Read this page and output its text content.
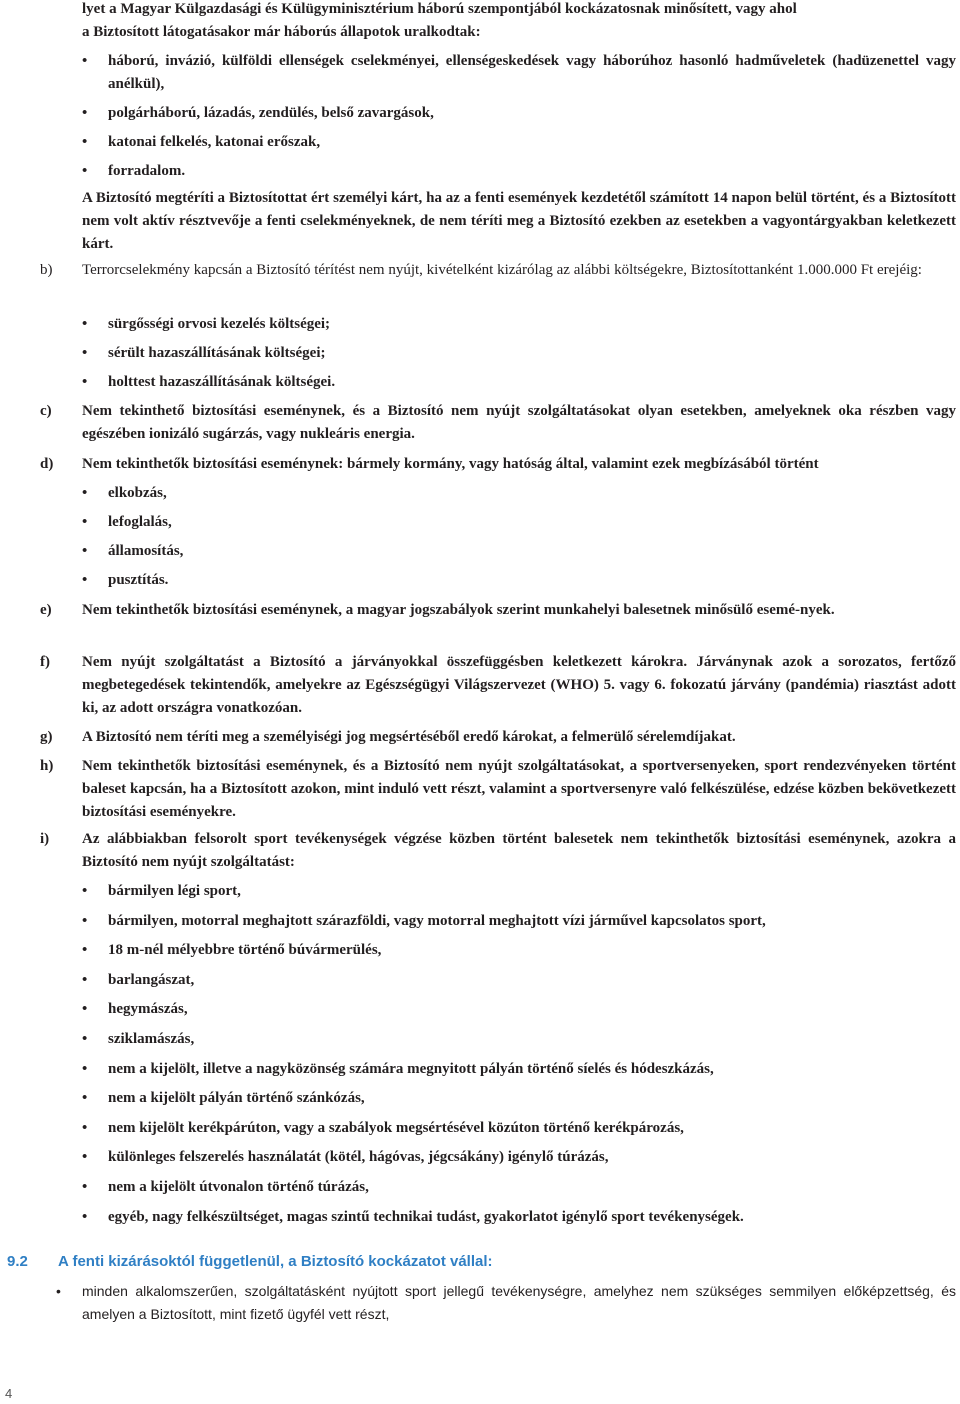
lyet a Magyar Külgazdasági és Külügyminisztérium háború szempontjából kockázatosnak minősített, vagy ahol
a Biztosított látogatásakor már háborús állapotok uralkodtak:
• háború, invázió, külföldi ellenségek cselekményei, ellenségeskedések vagy háborúhoz hasonló hadműveletek (hadüzenettel vagy anélkül),
• polgárháború, lázadás, zendülés, belső zavargások,
• katonai felkelés, katonai erőszak,
• forradalom.
A Biztosító megtéríti a Biztosítottat ért személyi kárt, ha az a fenti események kezdetétől számított 14 napon belül történt, és a Biztosított nem volt aktív résztvevője a fenti cselekményeknek, de nem téríti meg a Biztosító ezekben az esetekben a vagyontárgyakban keletkezett kárt.
b) Terrorcselekmény kapcsán a Biztosító térítést nem nyújt, kivételként kizárólag az alábbi költségekre, Biztosítottanként 1.000.000 Ft erejéig:
• sürgősségi orvosi kezelés költségei;
• sérült hazaszállításának költségei;
• holttest hazaszállításának költségei.
c) Nem tekinthető biztosítási eseménynek, és a Biztosító nem nyújt szolgáltatásokat olyan esetekben, amelyeknek oka részben vagy egészében ionizáló sugárzás, vagy nukleáris energia.
d) Nem tekinthetők biztosítási eseménynek: bármely kormány, vagy hatóság által, valamint ezek megbízásából történt
• elkobzás,
• lefoglalás,
• államosítás,
• pusztítás.
e) Nem tekinthetők biztosítási eseménynek, a magyar jogszabályok szerint munkahelyi balesetnek minősülő esemé-nyek.
f) Nem nyújt szolgáltatást a Biztosító a járványokkal összefüggésben keletkezett károkra. Járványnak azok a sorozatos, fertőző megbetegedések tekintendők, amelyekre az Egészségügyi Világszervezet (WHO) 5. vagy 6. fokozatú járvány (pandémia) riasztást adott ki, az adott országra vonatkozóan.
g) A Biztosító nem téríti meg a személyiségi jog megsértéséből eredő károkat, a felmerülő sérelemdíjakat.
h) Nem tekinthetők biztosítási eseménynek, és a Biztosító nem nyújt szolgáltatásokat, a sportversenyeken, sport rendezvényeken történt baleset kapcsán, ha a Biztosított azokon, mint induló vett részt, valamint a sportversenyre való felkészülése, edzése közben bekövetkezett biztosítási eseményekre.
i) Az alábbiakban felsorolt sport tevékenységek végzése közben történt balesetek nem tekinthetők biztosítási eseménynek, azokra a Biztosító nem nyújt szolgáltatást:
• bármilyen légi sport,
• bármilyen, motorral meghajtott szárazföldi, vagy motorral meghajtott vízi járművel kapcsolatos sport,
• 18 m-nél mélyebbre történő búvármerülés,
• barlangászat,
• hegymászás,
• sziklamászás,
• nem a kijelölt, illetve a nagyközönség számára megnyitott pályán történő síelés és hódeszkázás,
• nem a kijelölt pályán történő szánkózás,
• nem kijelölt kerékpárúton, vagy a szabályok megsértésével közúton történő kerékpározás,
• különleges felszerelés használatát (kötél, hágóvas, jégcsákány) igénylő túrázás,
• nem a kijelölt útvonalon történő túrázás,
• egyéb, nagy felkészültséget, magas szintű technikai tudást, gyakorlatot igénylő sport tevékenységek.
9.2 A fenti kizárásoktól függetlenül, a Biztosító kockázatot vállal:
• minden alkalomszerűen, szolgáltatásként nyújtott sport jellegű tevékenységre, amelyhez nem szükséges semmilyen előképzettség, és amelyen a Biztosított, mint fizető ügyfél vett részt,
4
